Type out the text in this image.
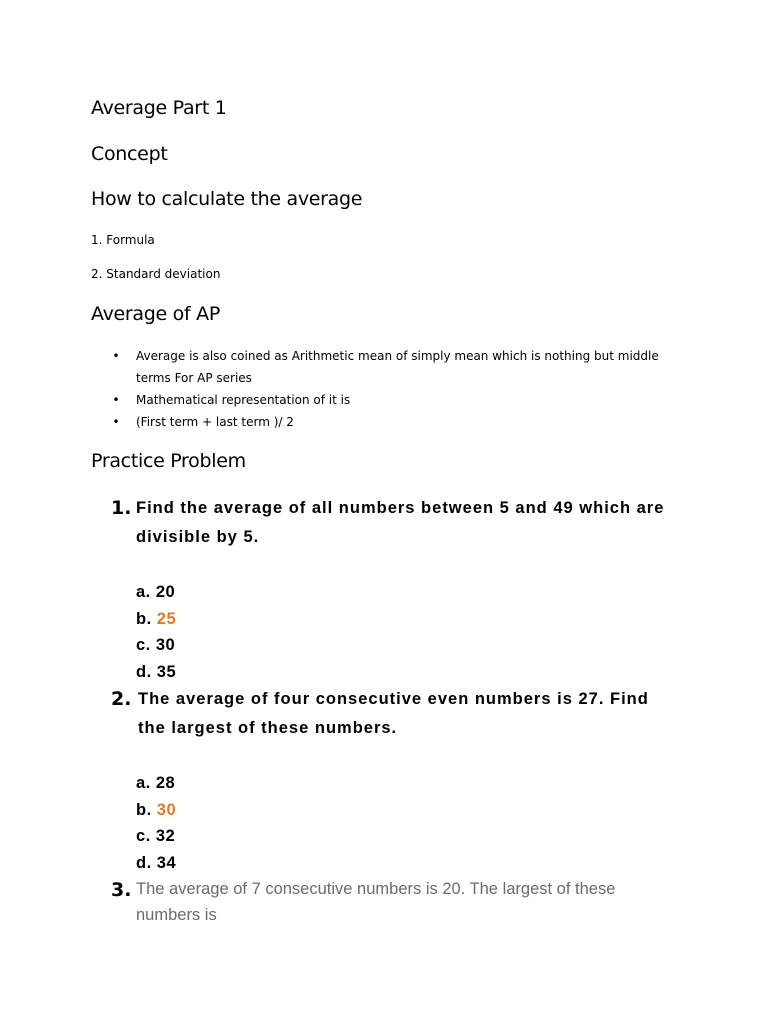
Average Part 1
Concept
How to calculate the average

1. Formula

2. Standard deviation

Average of AP
• Average is also coined as Arithmetic mean of simply mean which is nothing but middle terms For AP series
• Mathematical representation of it is
• (First term + last term )/ 2
Practice Problem
1. Find the average of all numbers between 5 and 49 which are divisible by 5.
a. 20
b. 25
c. 30
d. 35
2. The average of four consecutive even numbers is 27. Find the largest of these numbers.
a. 28
b. 30
c. 32
d. 34
3. The average of 7 consecutive numbers is 20. The largest of these numbers is
